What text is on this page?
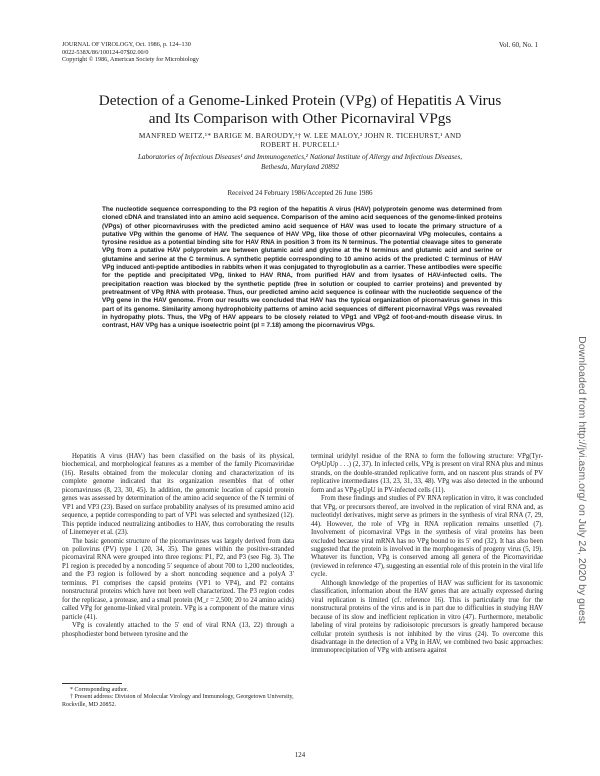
JOURNAL OF VIROLOGY, Oct. 1986, p. 124–130
0022-538X/86/100124-07$02.00/0
Copyright © 1986, American Society for Microbiology
Vol. 60, No. 1
Detection of a Genome-Linked Protein (VPg) of Hepatitis A Virus
and Its Comparison with Other Picornaviral VPgs
MANFRED WEITZ,¹* BARIGE M. BAROUDY,¹† W. LEE MALOY,² JOHN R. TICEHURST,¹ AND
ROBERT H. PURCELL¹
Laboratories of Infectious Diseases¹ and Immunogenetics,² National Institute of Allergy and Infectious Diseases,
Bethesda, Maryland 20892
Received 24 February 1986/Accepted 26 June 1986
The nucleotide sequence corresponding to the P3 region of the hepatitis A virus (HAV) polyprotein genome was determined from cloned cDNA and translated into an amino acid sequence. Comparison of the amino acid sequences of the genome-linked proteins (VPgs) of other picornaviruses with the predicted amino acid sequence of HAV was used to locate the primary structure of a putative VPg within the genome of HAV. The sequence of HAV VPg, like those of other picornaviral VPg molecules, contains a tyrosine residue as a potential binding site for HAV RNA in position 3 from its N terminus. The potential cleavage sites to generate VPg from a putative HAV polyprotein are between glutamic acid and glycine at the N terminus and glutamic acid and serine or glutamine and serine at the C terminus. A synthetic peptide corresponding to 10 amino acids of the predicted C terminus of HAV VPg induced anti-peptide antibodies in rabbits when it was conjugated to thyroglobulin as a carrier. These antibodies were specific for the peptide and precipitated VPg, linked to HAV RNA, from purified HAV and from lysates of HAV-infected cells. The precipitation reaction was blocked by the synthetic peptide (free in solution or coupled to carrier proteins) and prevented by pretreatment of VPg RNA with protease. Thus, our predicted amino acid sequence is colinear with the nucleotide sequence of the VPg gene in the HAV genome. From our results we concluded that HAV has the typical organization of picornavirus genes in this part of its genome. Similarity among hydrophobicity patterns of amino acid sequences of different picornaviral VPgs was revealed in hydropathy plots. Thus, the VPg of HAV appears to be closely related to VPg1 and VPg2 of foot-and-mouth disease virus. In contrast, HAV VPg has a unique isoelectric point (pI = 7.18) among the picornavirus VPgs.

Hepatitis A virus (HAV) has been classified on the basis of its physical, biochemical, and morphological features as a member of the family Picornaviridae (16). Results obtained from the molecular cloning and characterization of its complete genome indicated that its organization resembles that of other picornaviruses (8, 23, 30, 45). In addition, the genomic location of capsid protein genes was assessed by determination of the amino acid sequence of the N termini of VP1 and VP3 (23). Based on surface probability analyses of its presumed amino acid sequence, a peptide corresponding to part of VP1 was selected and synthesized (12). This peptide induced neutralizing antibodies to HAV, thus corroborating the results of Linemeyer et al. (23).

The basic genomic structure of the picornaviruses was largely derived from data on poliovirus (PV) type 1 (20, 34, 35). The genes within the positive-stranded picornaviral RNA were grouped into three regions: P1, P2, and P3 (see Fig. 3). The P1 region is preceded by a noncoding 5′ sequence of about 700 to 1,200 nucleotides, and the P3 region is followed by a short noncoding sequence and a polyA 3′ terminus. P1 comprises the capsid proteins (VP1 to VP4), and P2 contains nonstructural proteins which have not been well characterized. The P3 region codes for the replicase, a protease, and a small protein (M_r = 2,500; 20 to 24 amino acids) called VPg for genome-linked viral protein. VPg is a component of the mature virus particle (41).

VPg is covalently attached to the 5′ end of viral RNA (13, 22) through a phosphodiester bond between tyrosine and the

terminal uridylyl residue of the RNA to form the following structure: VPg(Tyr-O⁴pUpUp . . .) (2, 37). In infected cells, VPg is present on viral RNA plus and minus strands, on the double-stranded replicative form, and on nascent plus strands of PV replicative intermediates (13, 23, 31, 33, 48). VPg was also detected in the unbound form and as VPg-pUpU in PV-infected cells (11).

From these findings and studies of PV RNA replication in vitro, it was concluded that VPg, or precursors thereof, are involved in the replication of viral RNA and, as nucleotidyl derivatives, might serve as primers in the synthesis of viral RNA (7, 29, 44). However, the role of VPg in RNA replication remains unsettled (7). Involvement of picornaviral VPgs in the synthesis of viral proteins has been excluded because viral mRNA has no VPg bound to its 5′ end (32). It has also been suggested that the protein is involved in the morphogenesis of progeny virus (5, 19). Whatever its function, VPg is conserved among all genera of the Picornaviridae (reviewed in reference 47), suggesting an essential role of this protein in the viral life cycle.

Although knowledge of the properties of HAV was sufficient for its taxonomic classification, information about the HAV genes that are actually expressed during viral replication is limited (cf. reference 16). This is particularly true for the nonstructural proteins of the virus and is in part due to difficulties in studying HAV because of its slow and inefficient replication in vitro (47). Furthermore, metabolic labeling of viral proteins by radioisotopic precursors is greatly hampered because cellular protein synthesis is not inhibited by the virus (24). To overcome this disadvantage in the detection of a VPg in HAV, we combined two basic approaches: immunoprecipitation of VPg with antisera against

* Corresponding author.

† Present address: Division of Molecular Virology and Immunology, Georgetown University, Rockville, MD 20852.

124
Downloaded from http://jvi.asm.org/ on July 24, 2020 by guest
